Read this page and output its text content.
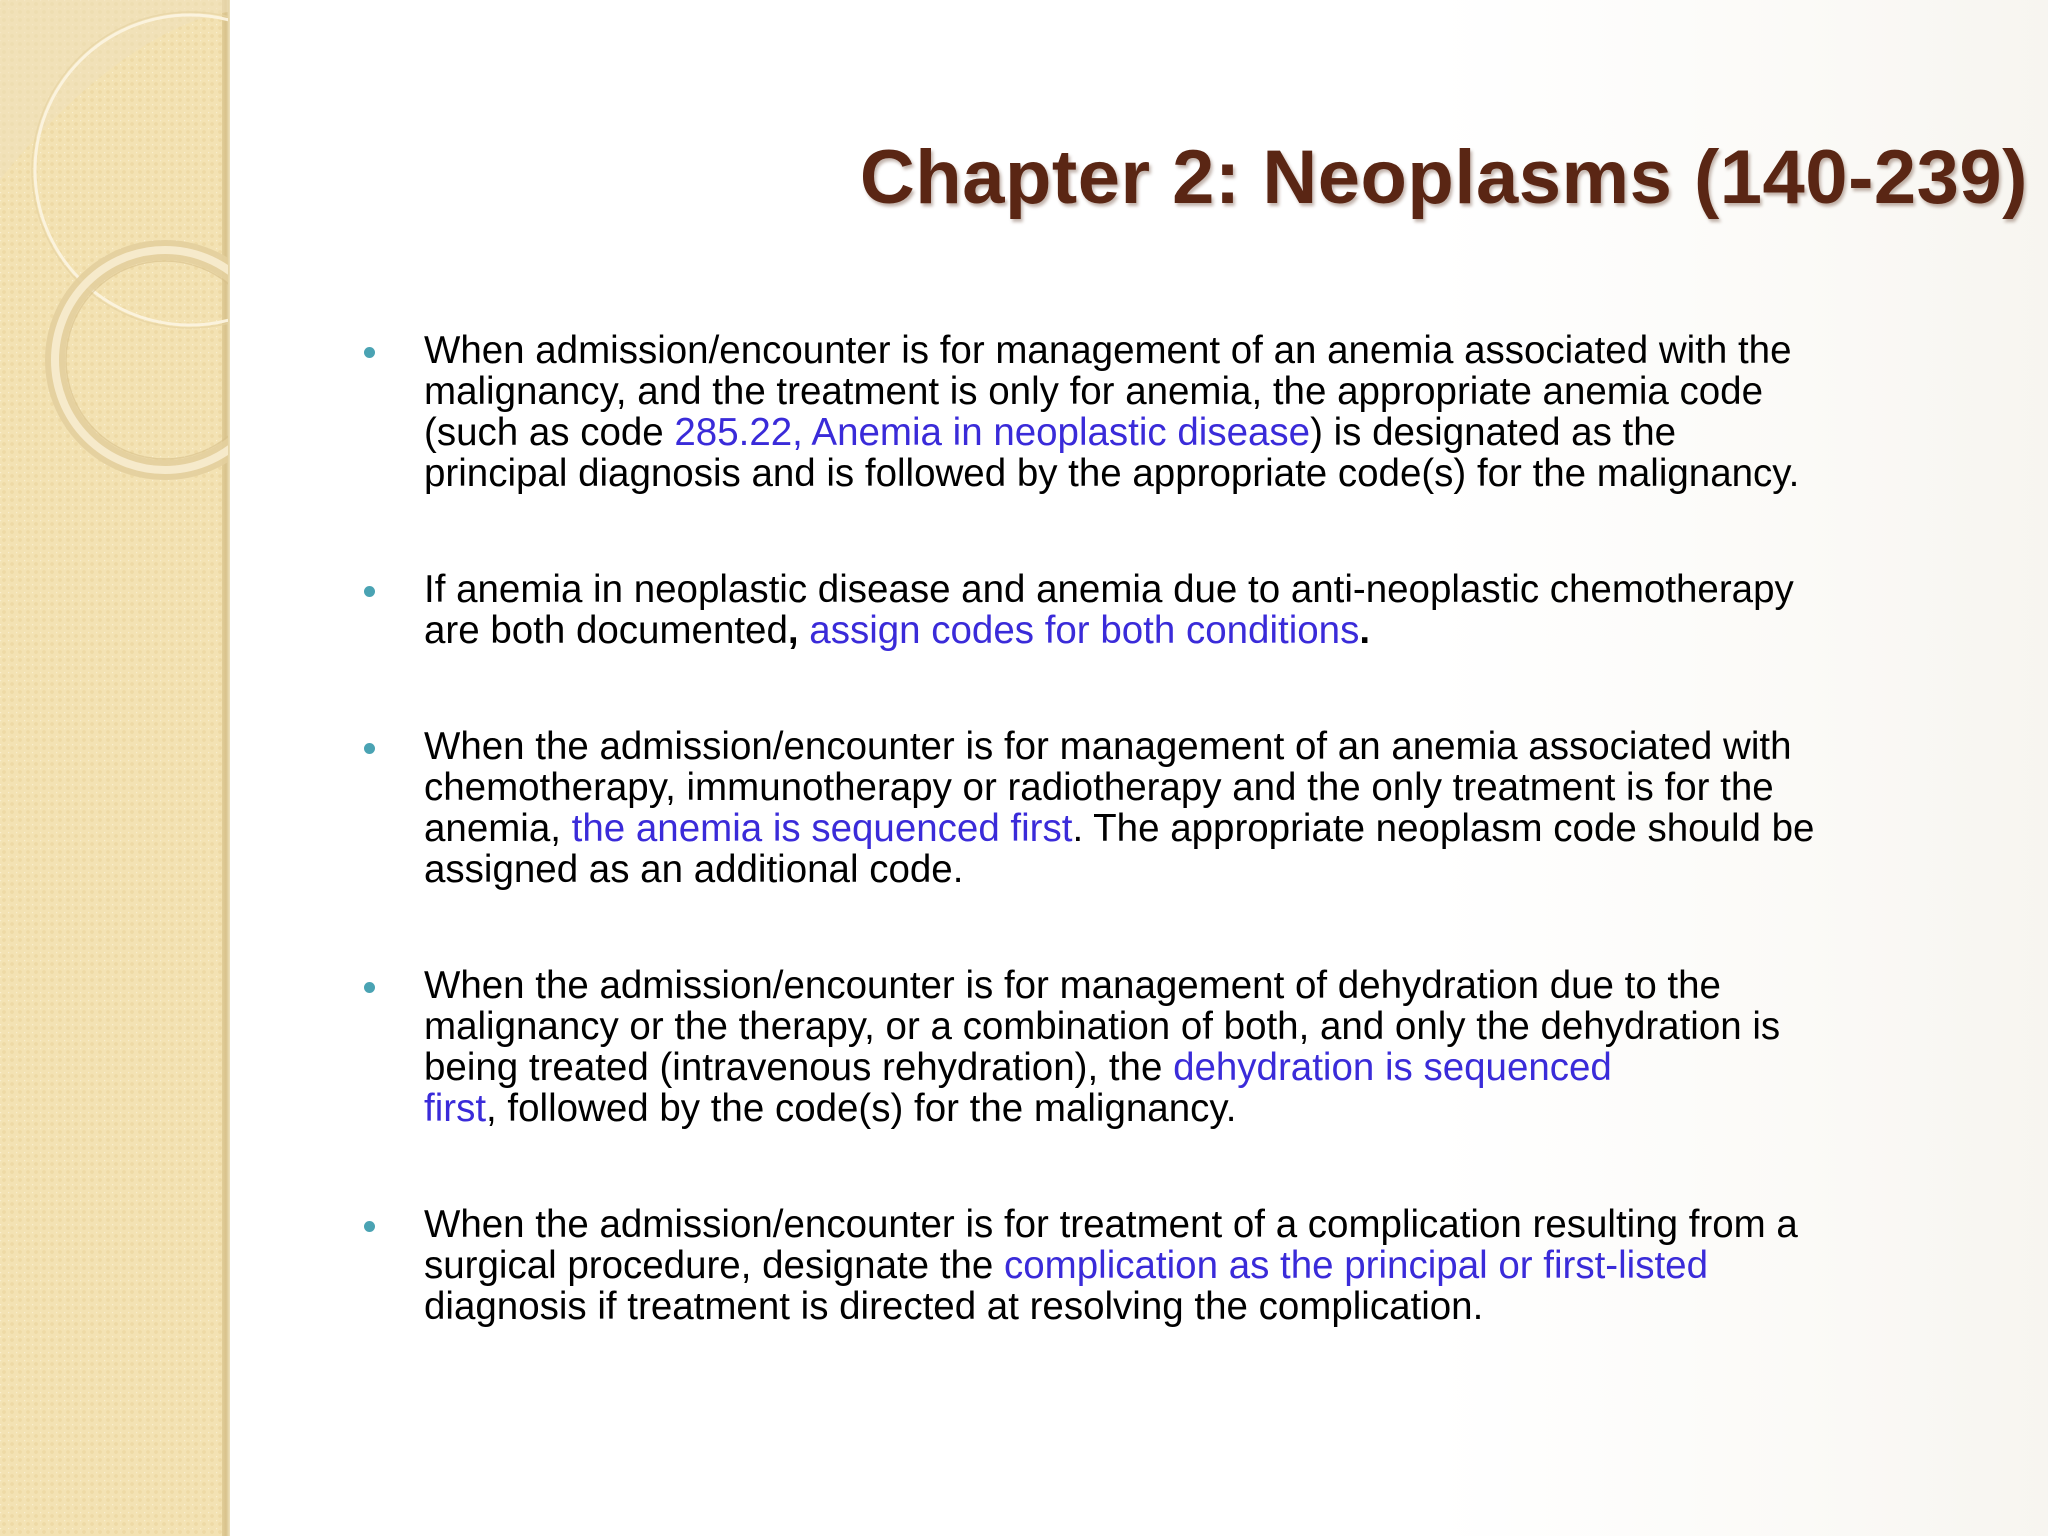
Chapter 2: Neoplasms (140-239)

When admission/encounter is for management of an anemia associated with the
malignancy, and the treatment is only for anemia, the appropriate anemia code
(such as code 285.22, Anemia in neoplastic disease) is designated as the
principal diagnosis and is followed by the appropriate code(s) for the malignancy.

If anemia in neoplastic disease and anemia due to anti-neoplastic chemotherapy
are both documented, assign codes for both conditions.

When the admission/encounter is for management of an anemia associated with
chemotherapy, immunotherapy or radiotherapy and the only treatment is for the
anemia, the anemia is sequenced first. The appropriate neoplasm code should be
assigned as an additional code.

When the admission/encounter is for management of dehydration due to the
malignancy or the therapy, or a combination of both, and only the dehydration is
being treated (intravenous rehydration), the dehydration is sequenced
first, followed by the code(s) for the malignancy.

When the admission/encounter is for treatment of a complication resulting from a
surgical procedure, designate the complication as the principal or first-listed
diagnosis if treatment is directed at resolving the complication.
